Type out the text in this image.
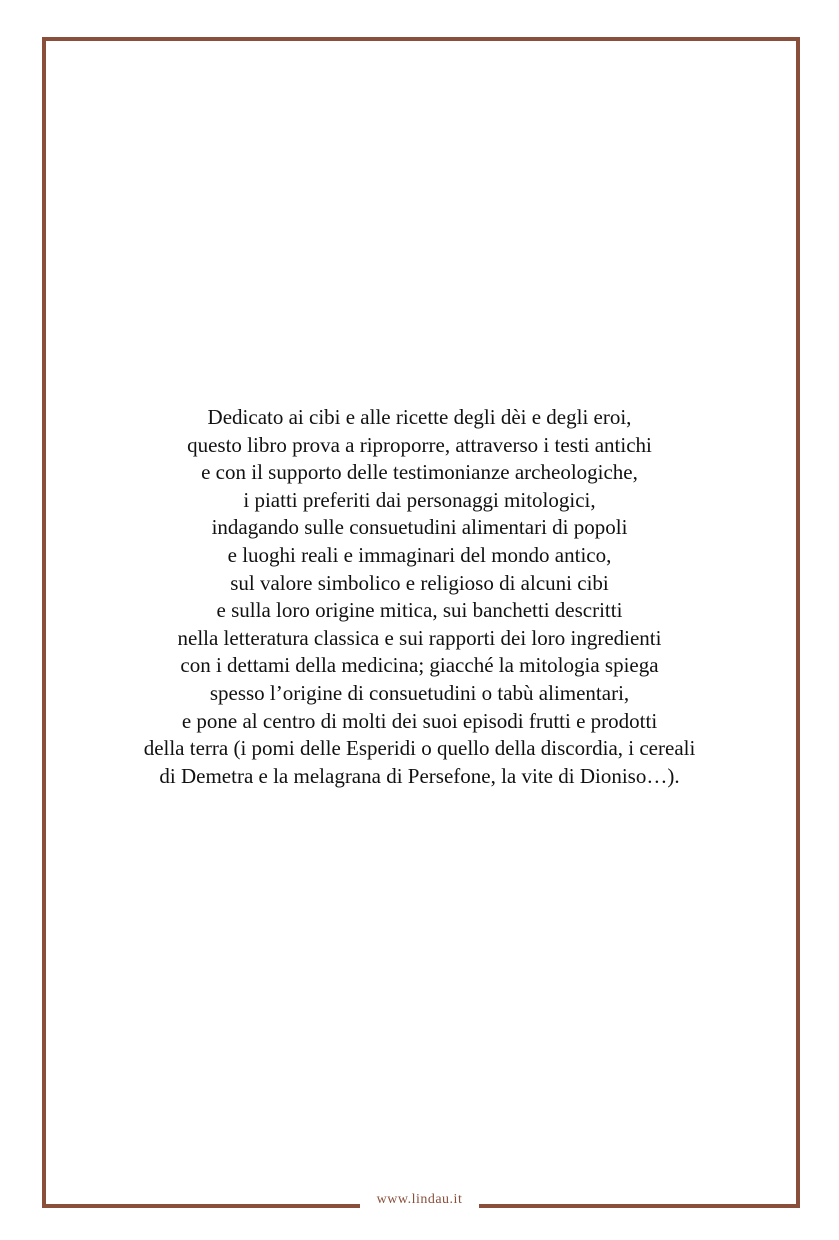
Dedicato ai cibi e alle ricette degli dèi e degli eroi,
questo libro prova a riproporre, attraverso i testi antichi
e con il supporto delle testimonianze archeologiche,
i piatti preferiti dai personaggi mitologici,
indagando sulle consuetudini alimentari di popoli
e luoghi reali e immaginari del mondo antico,
sul valore simbolico e religioso di alcuni cibi
e sulla loro origine mitica, sui banchetti descritti
nella letteratura classica e sui rapporti dei loro ingredienti
con i dettami della medicina; giacché la mitologia spiega
spesso l’origine di consuetudini o tabù alimentari,
e pone al centro di molti dei suoi episodi frutti e prodotti
della terra (i pomi delle Esperidi o quello della discordia, i cereali
di Demetra e la melagrana di Persefone, la vite di Dioniso…).
www.lindau.it
